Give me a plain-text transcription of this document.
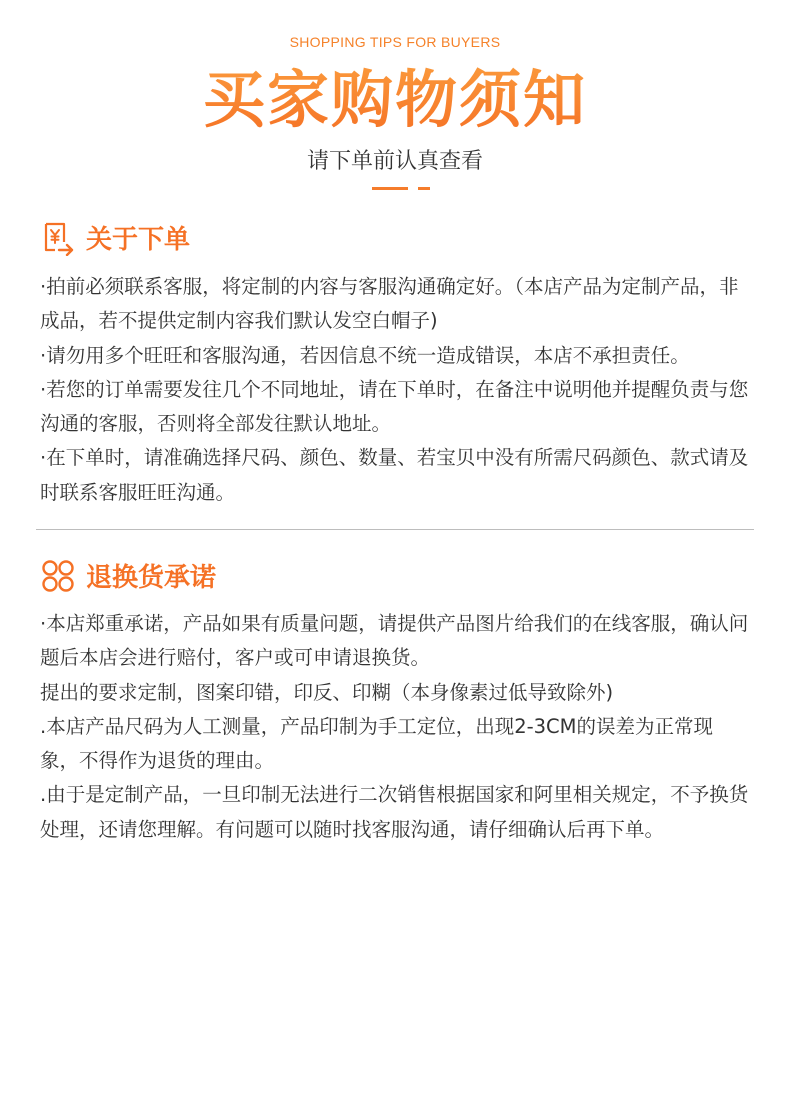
SHOPPING TIPS FOR BUYERS
买家购物须知
请下单前认真查看
关于下单

·拍前必须联系客服，将定制的内容与客服沟通确定好。（本店产品为定制产品，非成品，若不提供定制内容我们默认发空白帽子)

·请勿用多个旺旺和客服沟通，若因信息不统一造成错误，本店不承担责任。

·若您的订单需要发往几个不同地址，请在下单时，在备注中说明他并提醒负责与您沟通的客服，否则将全部发往默认地址。

·在下单时，请准确选择尺码、颜色、数量、若宝贝中没有所需尺码颜色、款式请及时联系客服旺旺沟通。

退换货承诺

·本店郑重承诺，产品如果有质量问题，请提供产品图片给我们的在线客服，确认问题后本店会进行赔付，客户或可申请退换货。

提出的要求定制，图案印错，印反、印糊（本身像素过低导致除外)

.本店产品尺码为人工测量，产品印制为手工定位，出现2-3CM的误差为正常现象，不得作为退货的理由。

.由于是定制产品，一旦印制无法进行二次销售根据国家和阿里相关规定，不予换货处理，还请您理解。有问题可以随时找客服沟通，请仔细确认后再下单。
